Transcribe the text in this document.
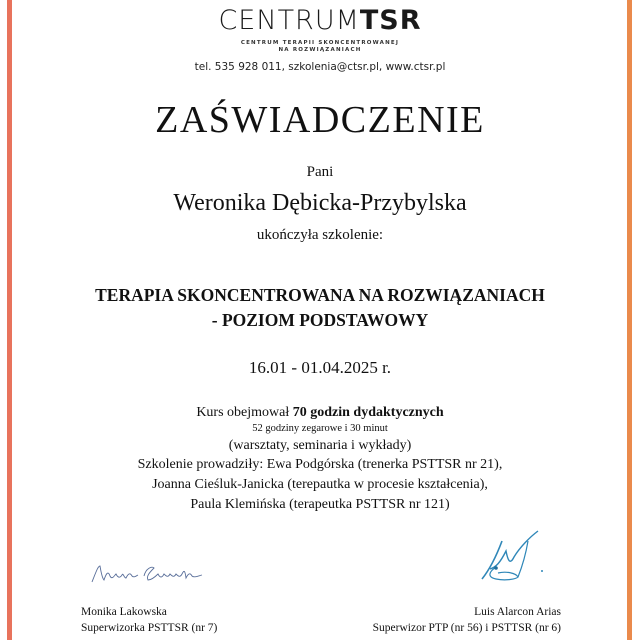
CENTRUMTSR
CENTRUM TERAPII SKONCENTROWANEJ
NA ROZWIĄZANIACH
tel. 535 928 011, szkolenia@ctsr.pl, www.ctsr.pl
ZAŚWIADCZENIE
Pani
Weronika Dębicka-Przybylska
ukończyła szkolenie:
TERAPIA SKONCENTROWANA NA ROZWIĄZANIACH
- POZIOM PODSTAWOWY
16.01 - 01.04.2025 r.
Kurs obejmował 70 godzin dydaktycznych
52 godziny zegarowe i 30 minut
(warsztaty, seminaria i wykłady)
Szkolenie prowadziły: Ewa Podgórska (trenerka PSTTSR nr 21),
Joanna Cieśluk-Janicka (terepautka w procesie kształcenia),
Paula Klemińska (terapeutka PSTTSR nr 121)
Monika Lakowska
Superwizorka PSTTSR (nr 7)
Luis Alarcon Arias
Superwizor PTP (nr 56) i PSTTSR (nr 6)
